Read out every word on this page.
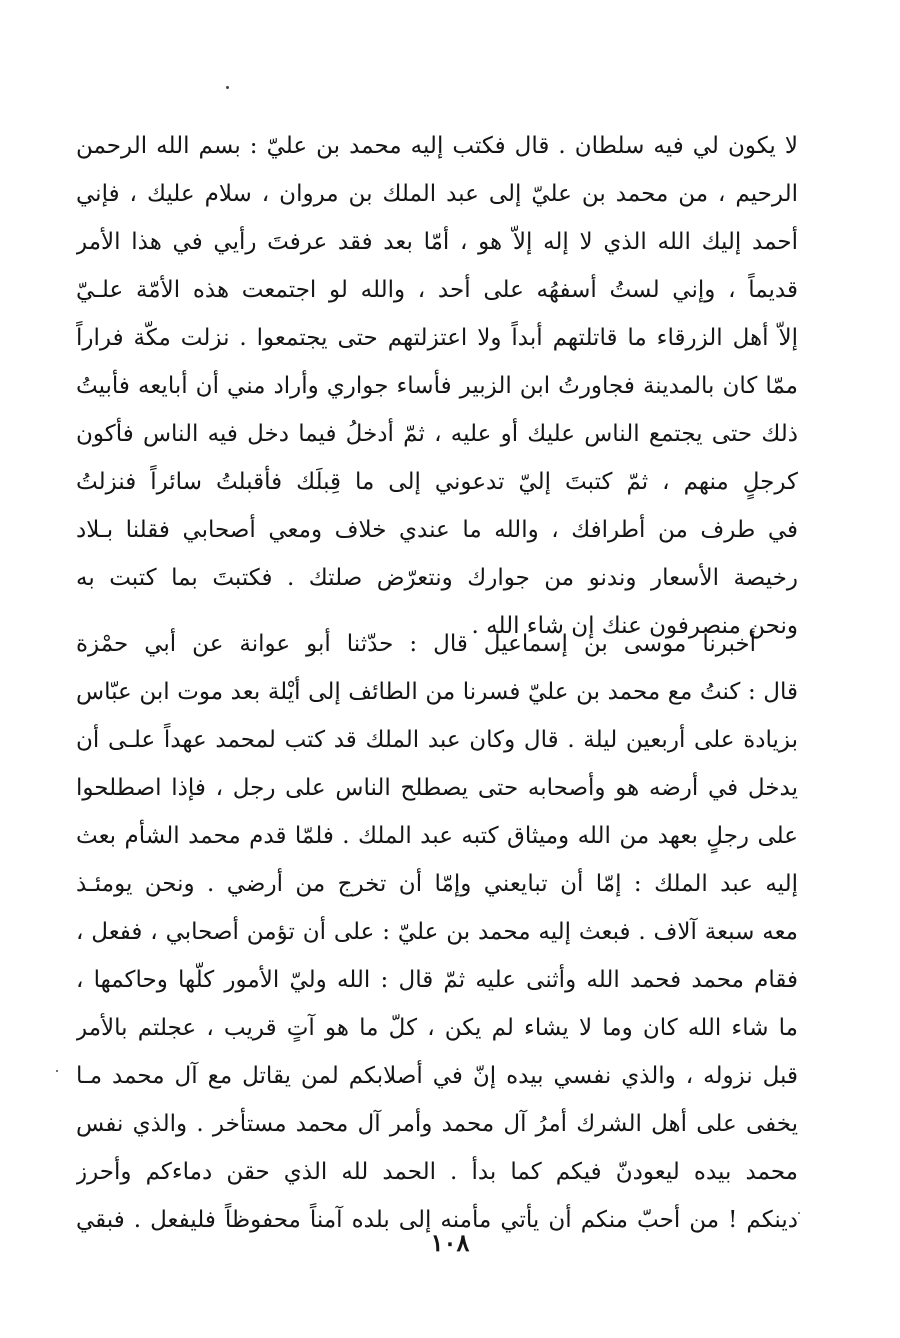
لا يكون لي فيه سلطان . قال فكتب إليه محمد بن عليّ : بسم الله الرحمن
الرحيم ، من محمد بن عليّ إلى عبد الملك بن مروان ، سلام عليك ، فإني
أحمد إليك الله الذي لا إله إلاّ هو ، أمّا بعد فقد عرفتَ رأيي في هذا الأمر
قديماً ، وإني لستُ أسفهُه على أحد ، والله لو اجتمعت هذه الأمّة علـيّ
إلاّ أهل الزرقاء ما قاتلتهم أبداً ولا اعتزلتهم حتى يجتمعوا . نزلت مكّة فراراً
ممّا كان بالمدينة فجاورتُ ابن الزبير فأساء جواري وأراد مني أن أبايعه فأبيتُ
ذلك حتى يجتمع الناس عليك أو عليه ، ثمّ أدخلُ فيما دخل فيه الناس فأكون
كرجلٍ منهم ، ثمّ كتبتَ إليّ تدعوني إلى ما قِبلَك فأقبلتُ سائراً فنزلتُ
في طرف من أطرافك ، والله ما عندي خلاف ومعي أصحابي فقلنا بـلاد
رخيصة الأسعار وندنو من جوارك ونتعرّض صلتك . فكتبتَ بما كتبت به
ونحن منصرفون عنك إن شاء الله .
أخبرنا موسى بن إسماعيل قال : حدّثنا أبو عوانة عن أبي حمْزة
قال : كنتُ مع محمد بن عليّ فسرنا من الطائف إلى أيْلة بعد موت ابن عبّاس
بزيادة على أربعين ليلة . قال وكان عبد الملك قد كتب لمحمد عهداً علـى أن
يدخل في أرضه هو وأصحابه حتى يصطلح الناس على رجل ، فإذا اصطلحوا
على رجلٍ بعهد من الله وميثاق كتبه عبد الملك . فلمّا قدم محمد الشأم بعث
إليه عبد الملك : إمّا أن تبايعني وإمّا أن تخرج من أرضي . ونحن يومئـذ
معه سبعة آلاف . فبعث إليه محمد بن عليّ : على أن تؤمن أصحابي ، ففعل ،
فقام محمد فحمد الله وأثنى عليه ثمّ قال : الله وليّ الأمور كلّها وحاكمها ،
ما شاء الله كان وما لا يشاء لم يكن ، كلّ ما هو آتٍ قريب ، عجلتم بالأمر
قبل نزوله ، والذي نفسي بيده إنّ في أصلابكم لمن يقاتل مع آل محمد مـا
يخفى على أهل الشرك أمرُ آل محمد وأمر آل محمد مستأخر . والذي نفس
محمد بيده ليعودنّ فيكم كما بدأ . الحمد لله الذي حقن دماءكم وأحرز
دينكم ! من أحبّ منكم أن يأتي مأمنه إلى بلده آمناً محفوظاً فليفعل . فبقي
١٠٨
